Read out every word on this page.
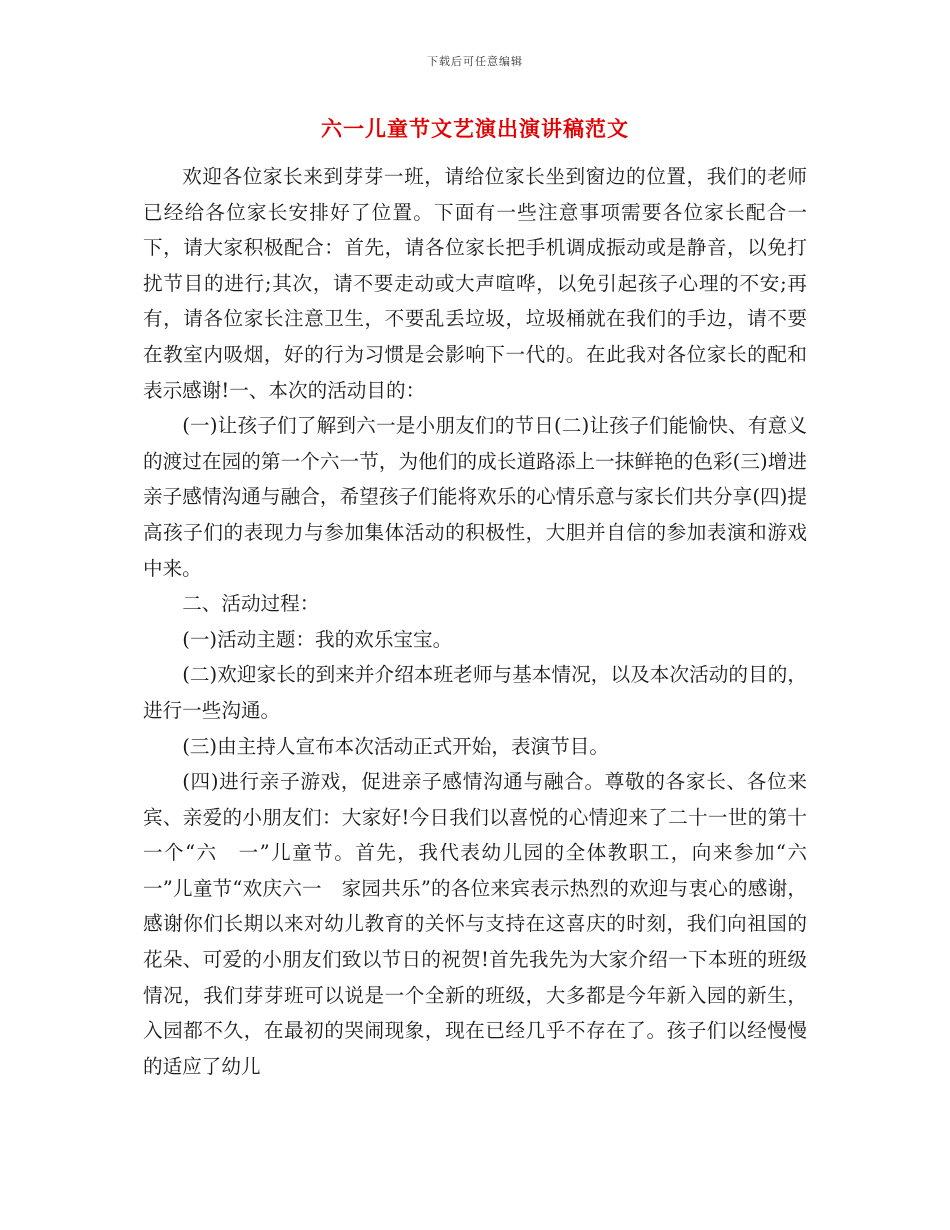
下载后可任意编辑
六一儿童节文艺演出演讲稿范文

欢迎各位家长来到芽芽一班，请给位家长坐到窗边的位置，我们的老师已经给各位家长安排好了位置。下面有一些注意事项需要各位家长配合一下，请大家积极配合：首先，请各位家长把手机调成振动或是静音，以免打扰节目的进行;其次，请不要走动或大声喧哗，以免引起孩子心理的不安;再有，请各位家长注意卫生，不要乱丢垃圾，垃圾桶就在我们的手边，请不要在教室内吸烟，好的行为习惯是会影响下一代的。在此我对各位家长的配和表示感谢!一、本次的活动目的：

(一)让孩子们了解到六一是小朋友们的节日(二)让孩子们能愉快、有意义的渡过在园的第一个六一节，为他们的成长道路添上一抹鲜艳的色彩(三)增进亲子感情沟通与融合，希望孩子们能将欢乐的心情乐意与家长们共分享(四)提高孩子们的表现力与参加集体活动的积极性，大胆并自信的参加表演和游戏中来。

二、活动过程：

(一)活动主题：我的欢乐宝宝。

(二)欢迎家长的到来并介绍本班老师与基本情况，以及本次活动的目的，进行一些沟通。

(三)由主持人宣布本次活动正式开始，表演节目。

(四)进行亲子游戏，促进亲子感情沟通与融合。尊敬的各家长、各位来宾、亲爱的小朋友们：大家好!今日我们以喜悦的心情迎来了二十一世的第十一个“六　一”儿童节。首先，我代表幼儿园的全体教职工，向来参加“六一”儿童节“欢庆六一　家园共乐”的各位来宾表示热烈的欢迎与衷心的感谢，感谢你们长期以来对幼儿教育的关怀与支持在这喜庆的时刻，我们向祖国的花朵、可爱的小朋友们致以节日的祝贺!首先我先为大家介绍一下本班的班级情况，我们芽芽班可以说是一个全新的班级，大多都是今年新入园的新生，入园都不久，在最初的哭闹现象，现在已经几乎不存在了。孩子们以经慢慢的适应了幼儿
